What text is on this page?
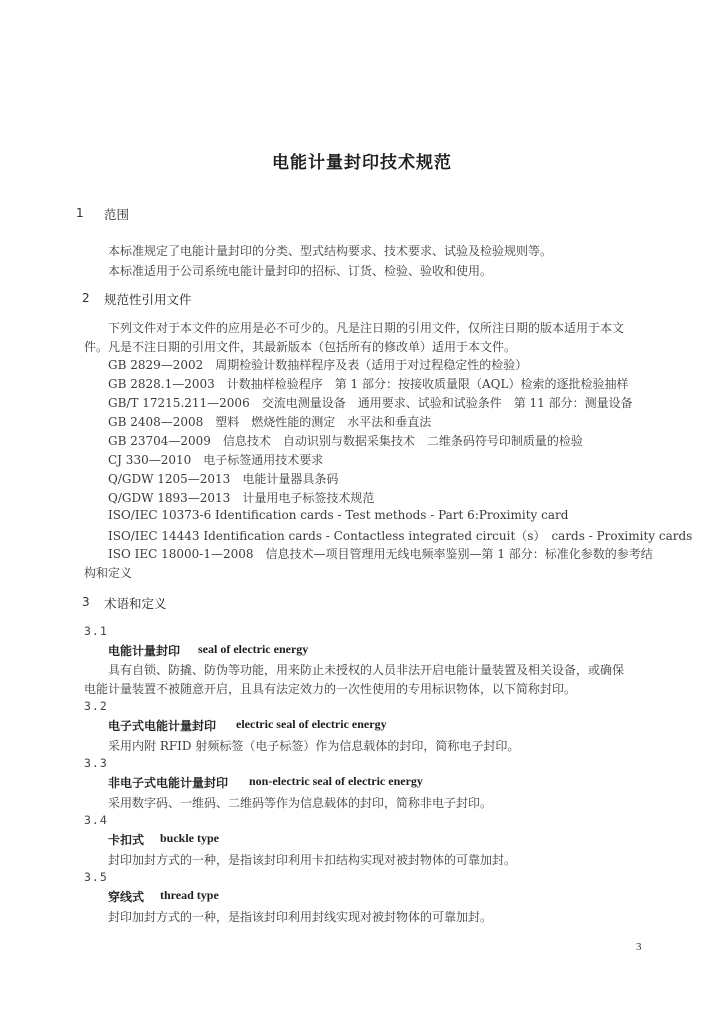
电能计量封印技术规范
1 范围
本标准规定了电能计量封印的分类、型式结构要求、技术要求、试验及检验规则等。
本标准适用于公司系统电能计量封印的招标、订货、检验、验收和使用。
2 规范性引用文件
下列文件对于本文件的应用是必不可少的。凡是注日期的引用文件，仅所注日期的版本适用于本文
件。凡是不注日期的引用文件，其最新版本（包括所有的修改单）适用于本文件。
GB 2829—2002　周期检验计数抽样程序及表（适用于对过程稳定性的检验）
GB 2828.1—2003　计数抽样检验程序　第 1 部分：按接收质量限（AQL）检索的逐批检验抽样
GB/T 17215.211—2006　交流电测量设备　通用要求、试验和试验条件　第 11 部分：测量设备
GB 2408—2008　塑料　燃烧性能的测定　水平法和垂直法
GB 23704—2009　信息技术　自动识别与数据采集技术　二维条码符号印制质量的检验
CJ 330—2010　电子标签通用技术要求
Q/GDW 1205—2013　电能计量器具条码
Q/GDW 1893—2013　计量用电子标签技术规范
ISO/IEC 10373-6 Identification cards - Test methods - Part 6:Proximity card
ISO/IEC 14443 Identification cards - Contactless integrated circuit（s）　cards - Proximity cards
ISO IEC 18000-1—2008　信息技术—项目管理用无线电频率鉴别—第 1 部分：标准化参数的参考结
构和定义
3 术语和定义
3.1
电能计量封印 seal of electric energy
具有自锁、防撬、防伪等功能，用来防止未授权的人员非法开启电能计量装置及相关设备，或确保
电能计量装置不被随意开启，且具有法定效力的一次性使用的专用标识物体，以下简称封印。
3.2
电子式电能计量封印 electric seal of electric energy
采用内附 RFID 射频标签（电子标签）作为信息载体的封印，简称电子封印。
3.3
非电子式电能计量封印 non-electric seal of electric energy
采用数字码、一维码、二维码等作为信息载体的封印，简称非电子封印。
3.4
卡扣式 buckle type
封印加封方式的一种，是指该封印利用卡扣结构实现对被封物体的可靠加封。
3.5
穿线式 thread type
封印加封方式的一种，是指该封印利用封线实现对被封物体的可靠加封。
3
